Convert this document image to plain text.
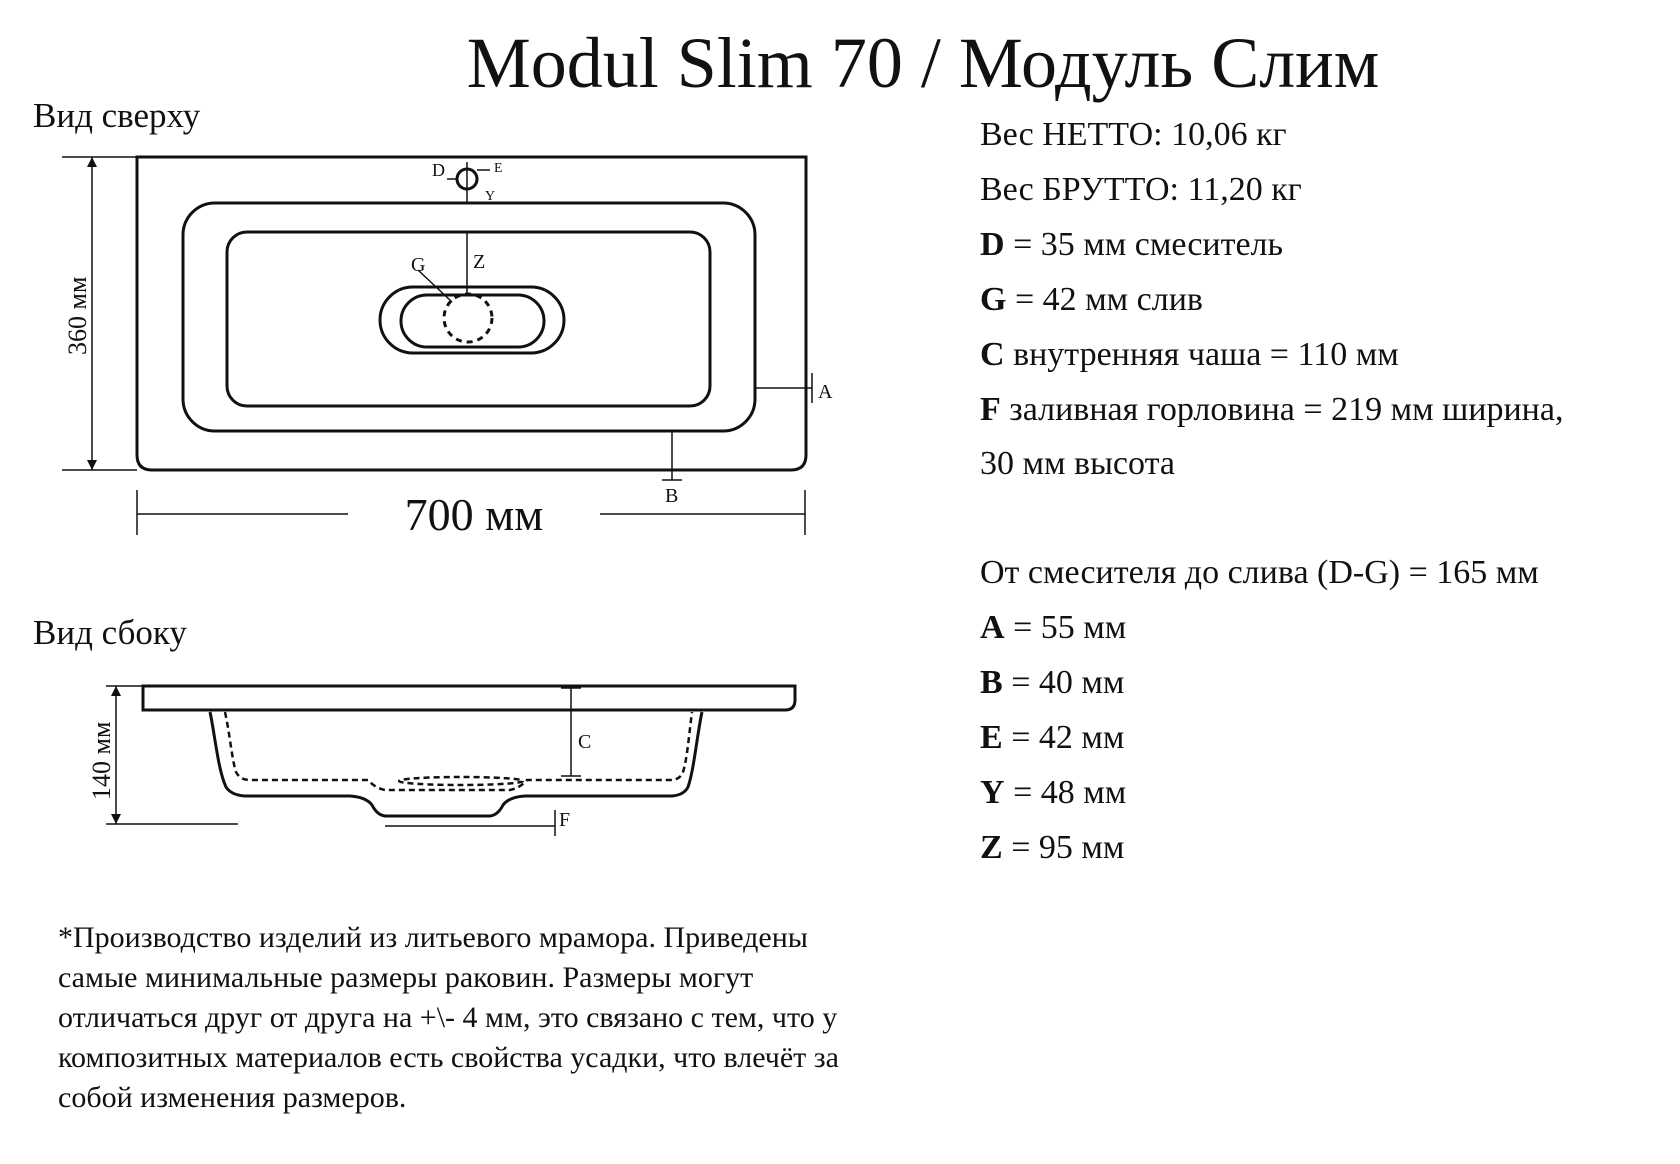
Modul Slim 70 / Модуль Слим
Вид сверху
Вид сбоку
D	E
Y
G Z
A
B
360 мм
700 мм
C
F
140 мм
Вес НЕТТО: 10,06 кг
Вес БРУТТО: 11,20 кг
D = 35 мм смеситель
G = 42 мм слив
C внутренняя чаша = 110 мм
F заливная горловина = 219 мм ширина,
30 мм высота
От смесителя до слива (D-G) = 165 мм
A = 55 мм
B = 40 мм
E = 42 мм
Y = 48 мм
Z = 95 мм
*Производство изделий из литьевого мрамора. Приведены
самые минимальные размеры раковин. Размеры могут
отличаться друг от друга на +\- 4 мм, это связано с тем, что у
композитных материалов есть свойства усадки, что влечёт за
собой изменения размеров.
